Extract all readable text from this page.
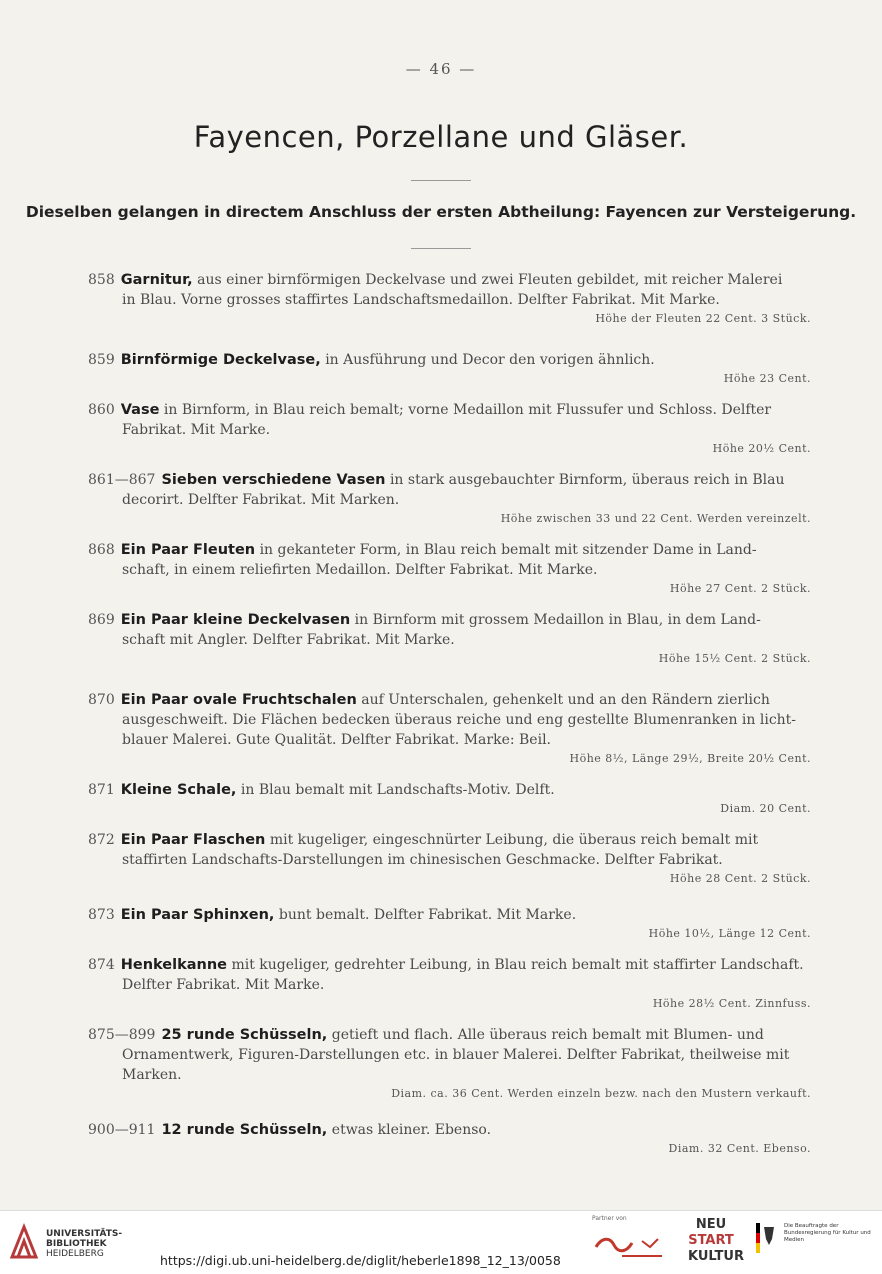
— 46 —
Fayencen, Porzellane und Gläser.
Dieselben gelangen in directem Anschluss der ersten Abtheilung: Fayencen zur Versteigerung.
858 Garnitur, aus einer birnförmigen Deckelvase und zwei Fleuten gebildet, mit reicher Malerei
in Blau. Vorne grosses staffirtes Landschaftsmedaillon. Delfter Fabrikat. Mit Marke.
Höhe der Fleuten 22 Cent. 3 Stück.
859 Birnförmige Deckelvase, in Ausführung und Decor den vorigen ähnlich.
Höhe 23 Cent.
860 Vase in Birnform, in Blau reich bemalt; vorne Medaillon mit Flussufer und Schloss. Delfter
Fabrikat. Mit Marke.
Höhe 20½ Cent.
861—867 Sieben verschiedene Vasen in stark ausgebauchter Birnform, überaus reich in Blau
decorirt. Delfter Fabrikat. Mit Marken.
Höhe zwischen 33 und 22 Cent. Werden vereinzelt.
868 Ein Paar Fleuten in gekanteter Form, in Blau reich bemalt mit sitzender Dame in Land-
schaft, in einem reliefirten Medaillon. Delfter Fabrikat. Mit Marke.
Höhe 27 Cent. 2 Stück.
869 Ein Paar kleine Deckelvasen in Birnform mit grossem Medaillon in Blau, in dem Land-
schaft mit Angler. Delfter Fabrikat. Mit Marke.
Höhe 15½ Cent. 2 Stück.
870 Ein Paar ovale Fruchtschalen auf Unterschalen, gehenkelt und an den Rändern zierlich
ausgeschweift. Die Flächen bedecken überaus reiche und eng gestellte Blumenranken in licht-
blauer Malerei. Gute Qualität. Delfter Fabrikat. Marke: Beil.
Höhe 8½, Länge 29½, Breite 20½ Cent.
871 Kleine Schale, in Blau bemalt mit Landschafts-Motiv. Delft.
Diam. 20 Cent.
872 Ein Paar Flaschen mit kugeliger, eingeschnürter Leibung, die überaus reich bemalt mit
staffirten Landschafts-Darstellungen im chinesischen Geschmacke. Delfter Fabrikat.
Höhe 28 Cent. 2 Stück.
873 Ein Paar Sphinxen, bunt bemalt. Delfter Fabrikat. Mit Marke.
Höhe 10½, Länge 12 Cent.
874 Henkelkanne mit kugeliger, gedrehter Leibung, in Blau reich bemalt mit staffirter Landschaft.
Delfter Fabrikat. Mit Marke.
Höhe 28½ Cent. Zinnfuss.
875—899 25 runde Schüsseln, getieft und flach. Alle überaus reich bemalt mit Blumen- und
Ornamentwerk, Figuren-Darstellungen etc. in blauer Malerei. Delfter Fabrikat, theilweise mit
Marken.
Diam. ca. 36 Cent. Werden einzeln bezw. nach den Mustern verkauft.
900—911 12 runde Schüsseln, etwas kleiner. Ebenso.
Diam. 32 Cent. Ebenso.
UNIVERSITÄTS-
BIBLIOTHEK
HEIDELBERG	https://digi.ub.uni-heidelberg.de/diglit/heberle1898_12_13/0058
Partner von	NEU
START
KULTUR
Die Beauftragte der Bundesregierung für Kultur und Medien
